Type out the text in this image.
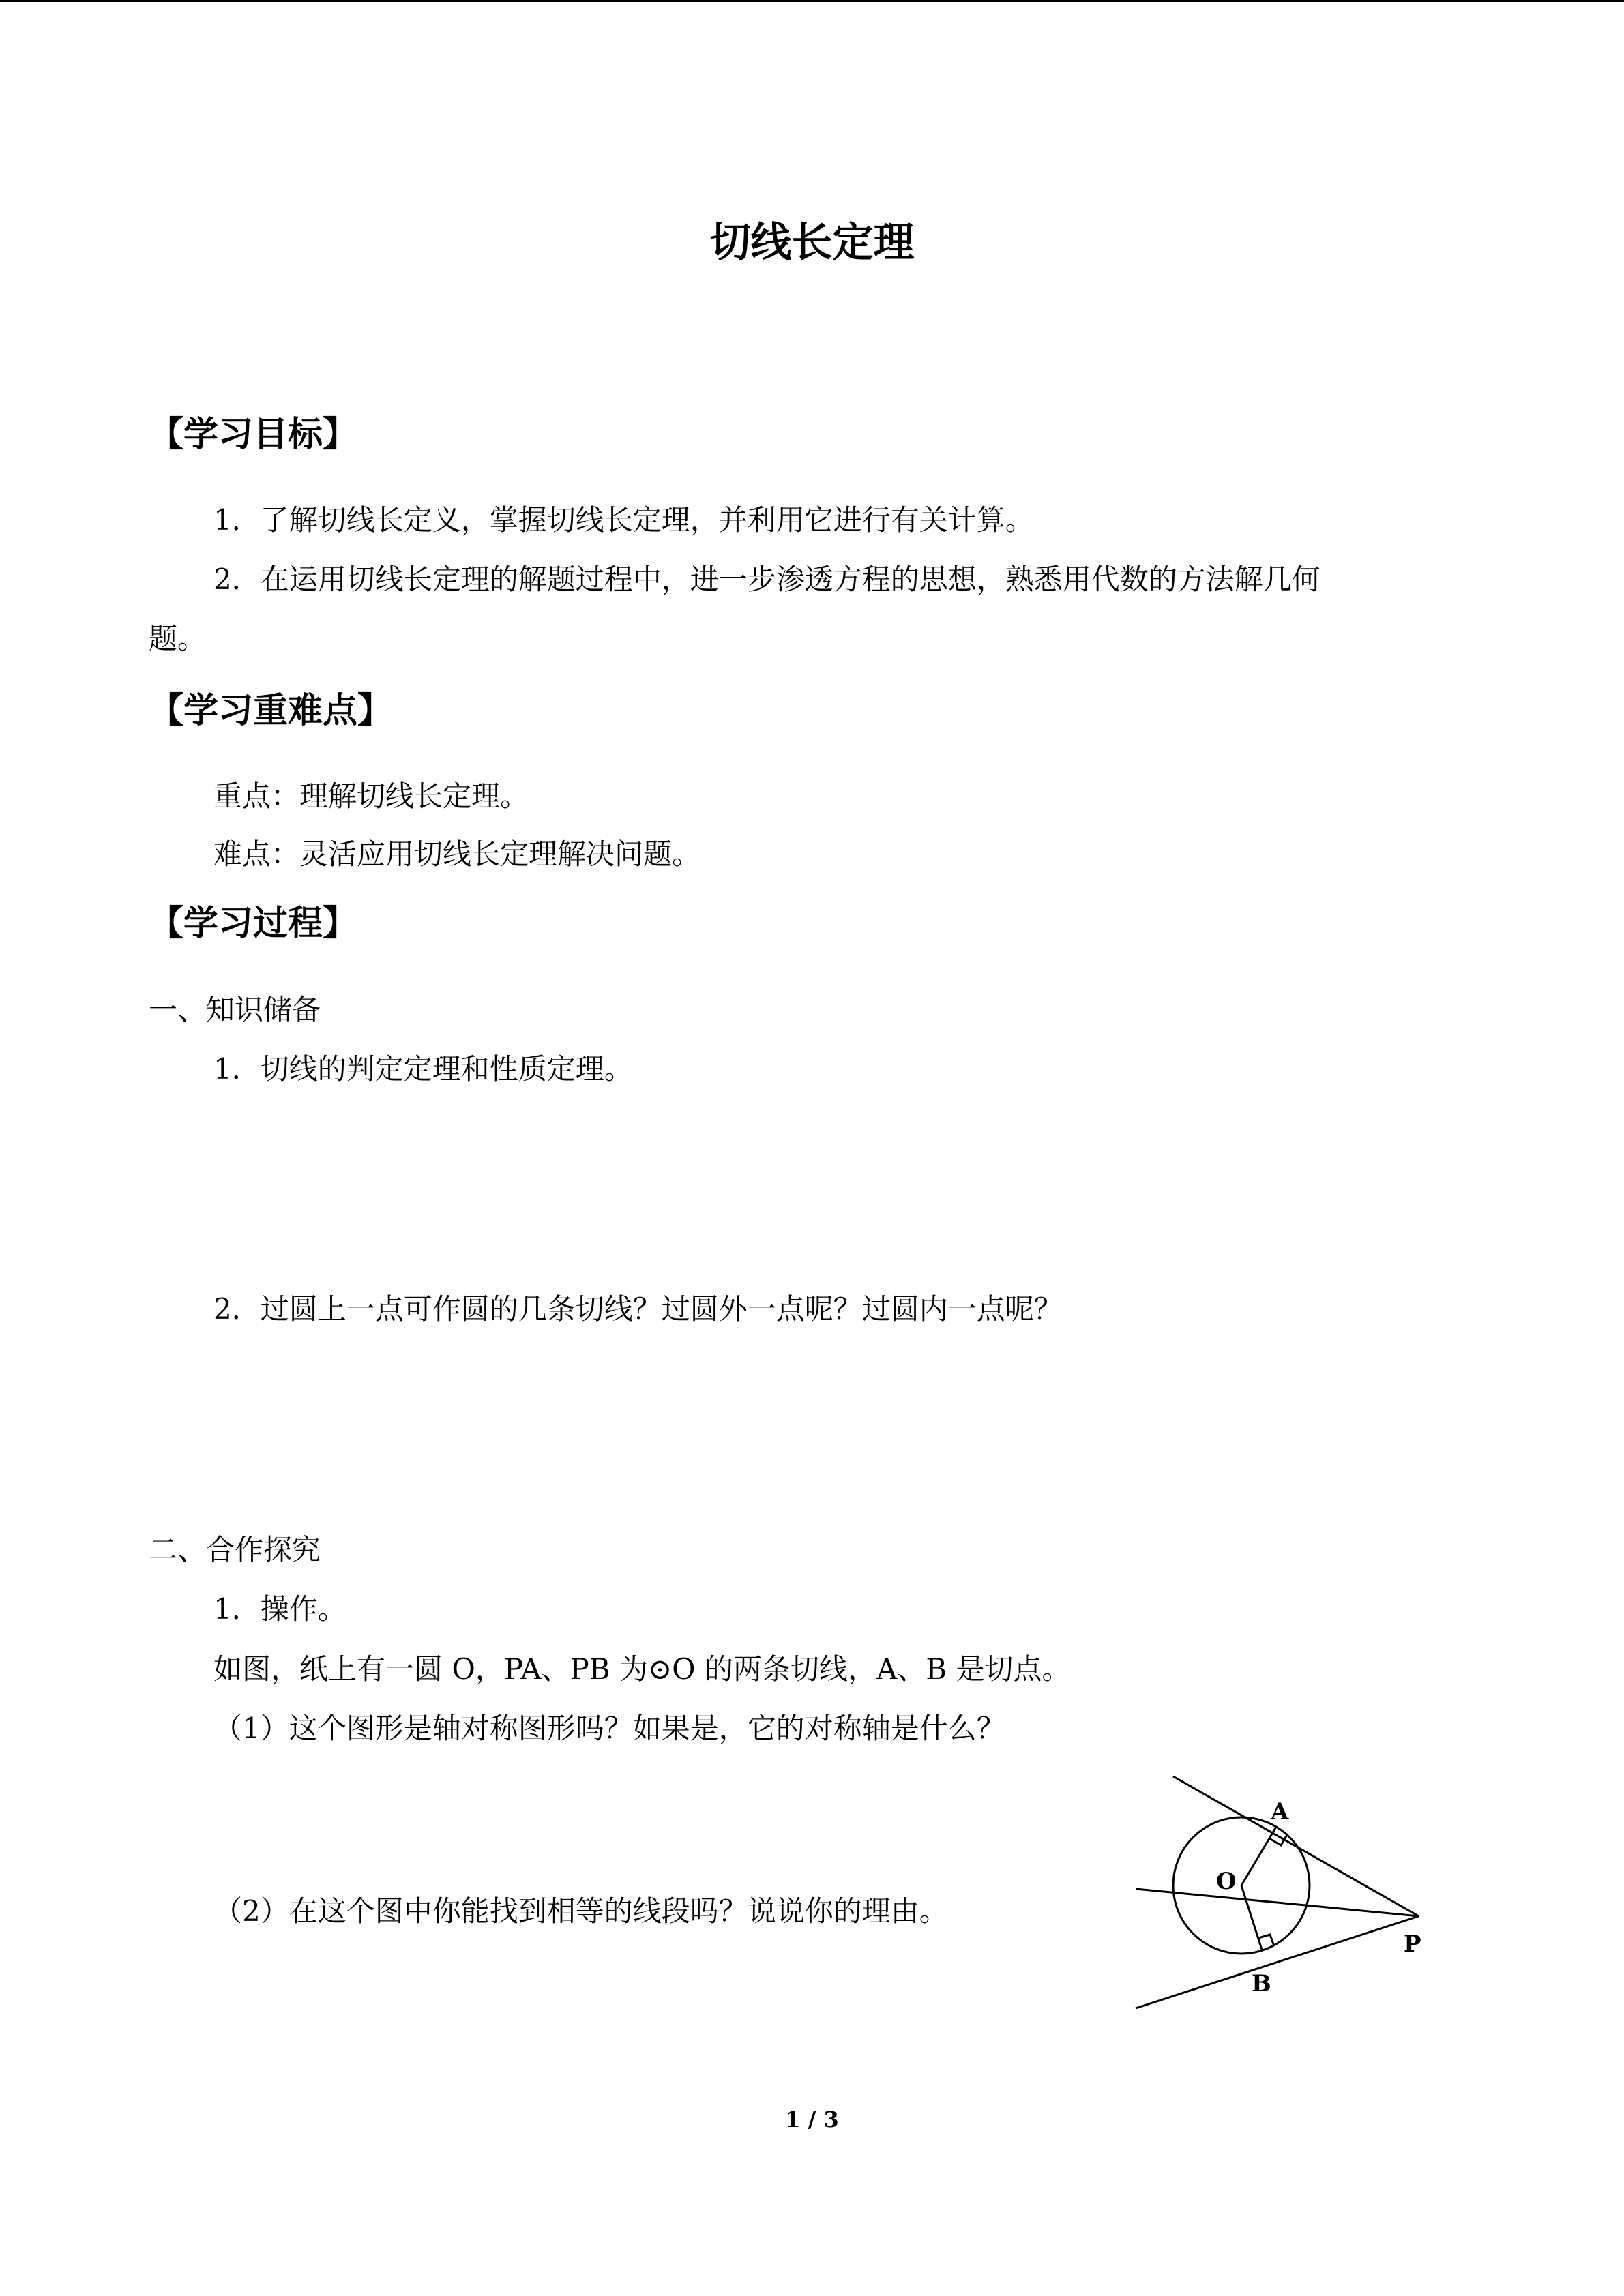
切线长定理
【学习目标】
1．了解切线长定义，掌握切线长定理，并利用它进行有关计算。
2．在运用切线长定理的解题过程中，进一步渗透方程的思想，熟悉用代数的方法解几何
题。
【学习重难点】
重点：理解切线长定理。
难点：灵活应用切线长定理解决问题。
【学习过程】
一、知识储备
1．切线的判定定理和性质定理。
2．过圆上一点可作圆的几条切线？过圆外一点呢？过圆内一点呢？
二、合作探究
1．操作。
如图，纸上有一圆 O，PA、PB 为⊙O 的两条切线，A、B 是切点。
（1）这个图形是轴对称图形吗？如果是，它的对称轴是什么？
（2）在这个图中你能找到相等的线段吗？说说你的理由。
A
O
P
B
1 / 3
